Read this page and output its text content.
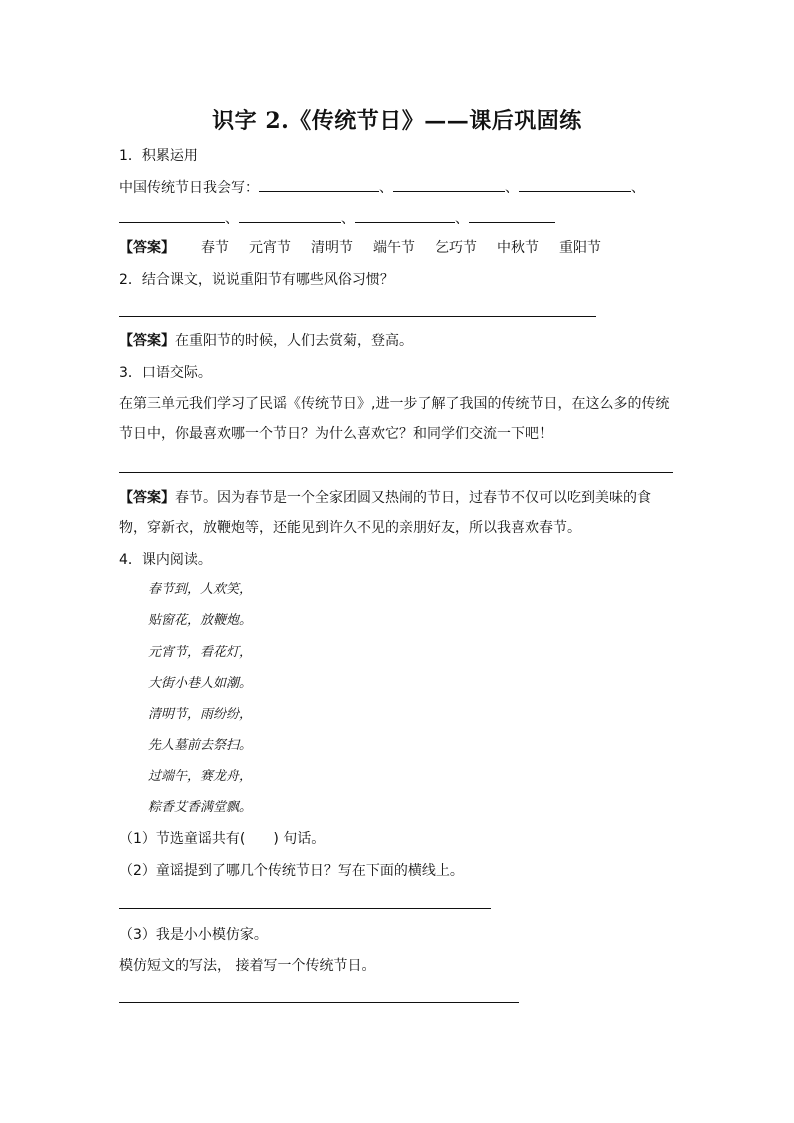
识字 2.《传统节日》——课后巩固练
1．积累运用
中国传统节日我会写：	、	、	、
、	、	、
【答案】 春节 元宵节 清明节 端午节 乞巧节 中秋节 重阳节
2．结合课文，说说重阳节有哪些风俗习惯？
【答案】在重阳节的时候，人们去赏菊，登高。
3．口语交际。
在第三单元我们学习了民谣《传统节日》,进一步了解了我国的传统节日，在这么多的传统
节日中，你最喜欢哪一个节日？为什么喜欢它？和同学们交流一下吧！
【答案】春节。因为春节是一个全家团圆又热闹的节日，过春节不仅可以吃到美味的食
物，穿新衣，放鞭炮等，还能见到许久不见的亲朋好友，所以我喜欢春节。
4．课内阅读。
春节到，人欢笑，
贴窗花，放鞭炮。
元宵节，看花灯，
大街小巷人如潮。
清明节，雨纷纷，
先人墓前去祭扫。
过端午，赛龙舟，
粽香艾香满堂飘。
（1）节选童谣共有(　　) 句话。
（2）童谣提到了哪几个传统节日？写在下面的横线上。
（3）我是小小模仿家。
模仿短文的写法， 接着写一个传统节日。
